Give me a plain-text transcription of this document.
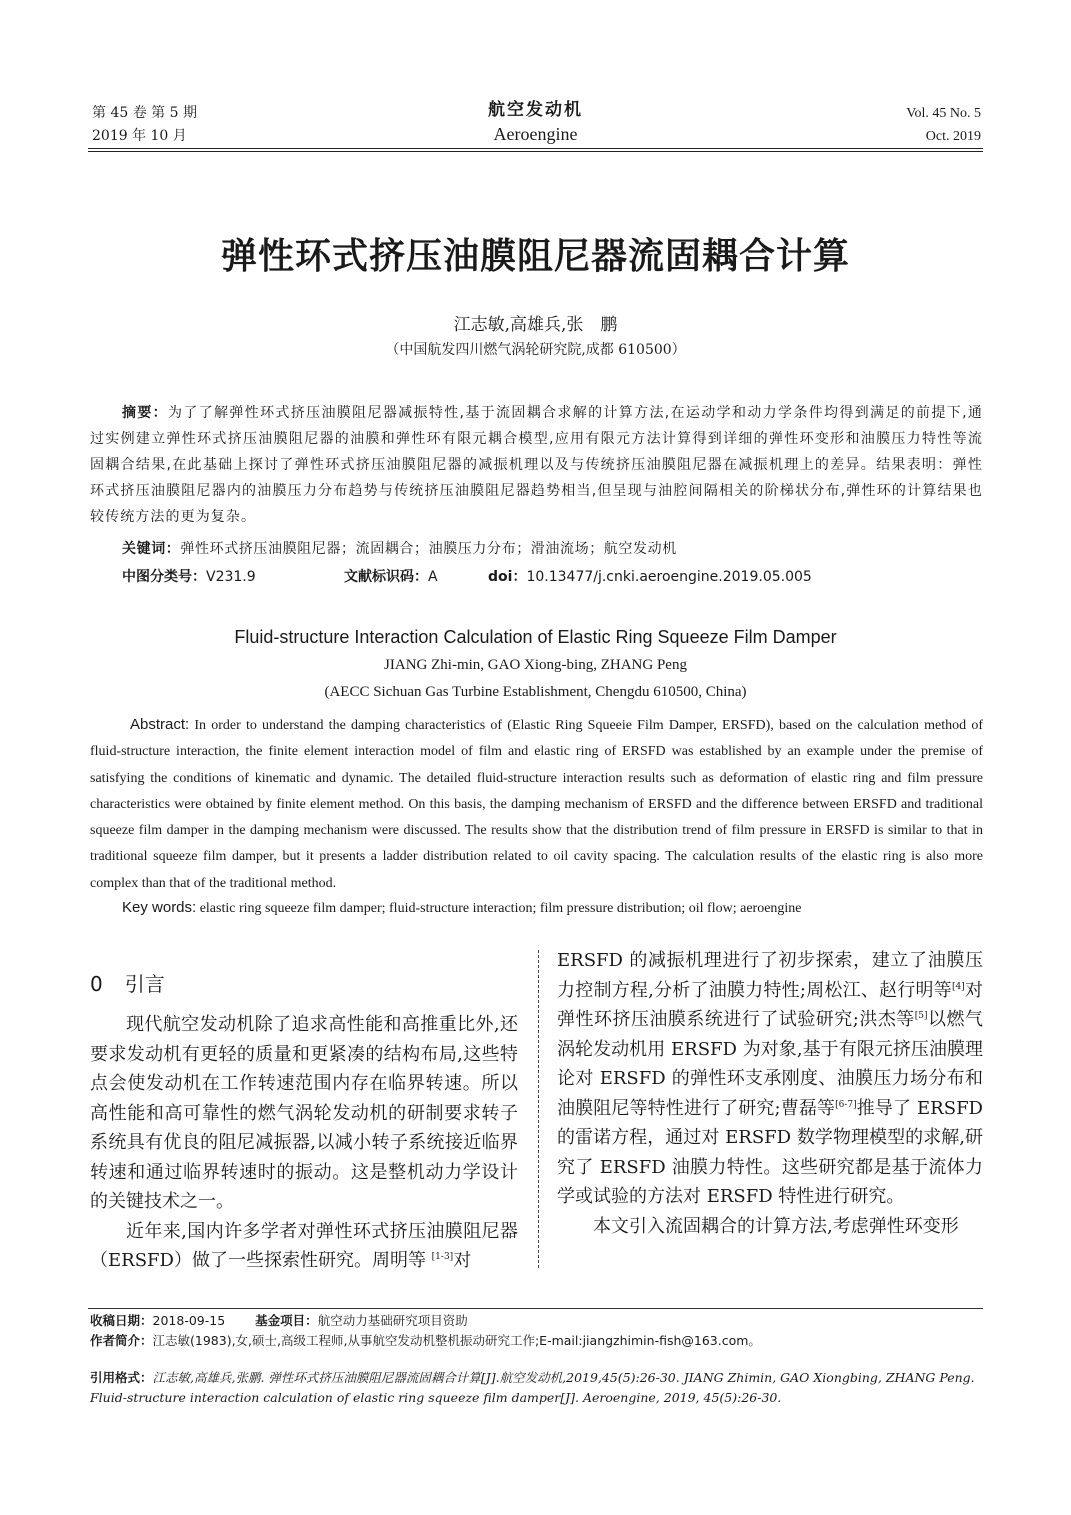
第 45 卷 第 5 期
2019 年 10 月
航空发动机
Aeroengine
Vol. 45 No. 5
Oct. 2019
弹性环式挤压油膜阻尼器流固耦合计算
江志敏,高雄兵,张　鹏
（中国航发四川燃气涡轮研究院,成都 610500）

摘要：为了了解弹性环式挤压油膜阻尼器减振特性,基于流固耦合求解的计算方法,在运动学和动力学条件均得到满足的前提下,通过实例建立弹性环式挤压油膜阻尼器的油膜和弹性环有限元耦合模型,应用有限元方法计算得到详细的弹性环变形和油膜压力特性等流固耦合结果,在此基础上探讨了弹性环式挤压油膜阻尼器的减振机理以及与传统挤压油膜阻尼器在减振机理上的差异。结果表明：弹性环式挤压油膜阻尼器内的油膜压力分布趋势与传统挤压油膜阻尼器趋势相当,但呈现与油腔间隔相关的阶梯状分布,弹性环的计算结果也较传统方法的更为复杂。

关键词：弹性环式挤压油膜阻尼器；流固耦合；油膜压力分布；滑油流场；航空发动机
中图分类号：V231.9	文献标识码：A	doi：10.13477/j.cnki.aeroengine.2019.05.005
Fluid-structure Interaction Calculation of Elastic Ring Squeeze Film Damper
JIANG Zhi-min, GAO Xiong-bing, ZHANG Peng
(AECC Sichuan Gas Turbine Establishment, Chengdu 610500, China)

Abstract: In order to understand the damping characteristics of (Elastic Ring Squeeie Film Damper, ERSFD), based on the calculation method of fluid-structure interaction, the finite element interaction model of film and elastic ring of ERSFD was established by an example under the premise of satisfying the conditions of kinematic and dynamic. The detailed fluid-structure interaction results such as deformation of elastic ring and film pressure characteristics were obtained by finite element method. On this basis, the damping mechanism of ERSFD and the difference between ERSFD and traditional squeeze film damper in the damping mechanism were discussed. The results show that the distribution trend of film pressure in ERSFD is similar to that in traditional squeeze film damper, but it presents a ladder distribution related to oil cavity spacing. The calculation results of the elastic ring is also more complex than that of the traditional method.

Key words: elastic ring squeeze film damper; fluid-structure interaction; film pressure distribution; oil flow; aeroengine
0 引言

现代航空发动机除了追求高性能和高推重比外,还要求发动机有更轻的质量和更紧凑的结构布局,这些特点会使发动机在工作转速范围内存在临界转速。所以高性能和高可靠性的燃气涡轮发动机的研制要求转子系统具有优良的阻尼减振器,以减小转子系统接近临界转速和通过临界转速时的振动。这是整机动力学设计的关键技术之一。

近年来,国内许多学者对弹性环式挤压油膜阻尼器（ERSFD）做了一些探索性研究。周明等 [1-3]对

ERSFD 的减振机理进行了初步探索，建立了油膜压力控制方程,分析了油膜力特性;周松江、赵行明等[4]对弹性环挤压油膜系统进行了试验研究;洪杰等[5]以燃气涡轮发动机用 ERSFD 为对象,基于有限元挤压油膜理论对 ERSFD 的弹性环支承刚度、油膜压力场分布和油膜阻尼等特性进行了研究;曹磊等[6-7]推导了 ERSFD 的雷诺方程，通过对 ERSFD 数学物理模型的求解,研究了 ERSFD 油膜力特性。这些研究都是基于流体力学或试验的方法对 ERSFD 特性进行研究。

本文引入流固耦合的计算方法,考虑弹性环变形

收稿日期：2018-09-15 基金项目：航空动力基础研究项目资助
作者简介：江志敏(1983),女,硕士,高级工程师,从事航空发动机整机振动研究工作;E-mail:jiangzhimin-fish@163.com。
引用格式：江志敏,高雄兵,张鹏. 弹性环式挤压油膜阻尼器流固耦合计算[J].航空发动机,2019,45(5):26-30. JIANG Zhimin, GAO Xiongbing, ZHANG Peng. Fluid-structure interaction calculation of elastic ring squeeze film damper[J]. Aeroengine, 2019, 45(5):26-30.
